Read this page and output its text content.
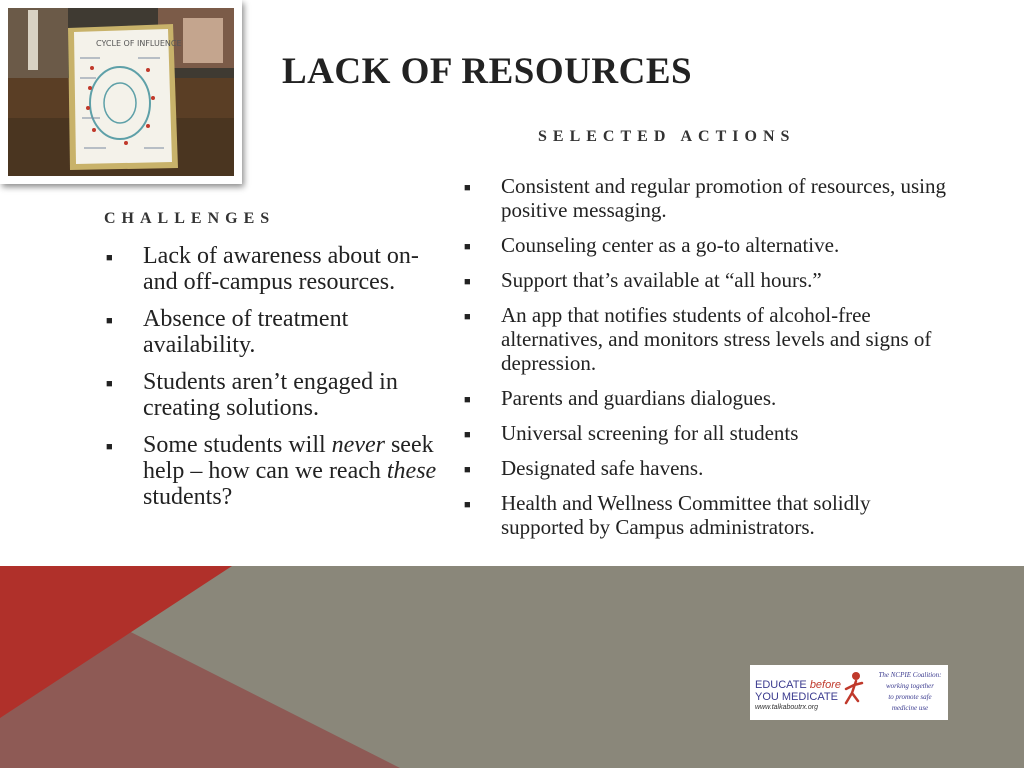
CYCLE OF INFLUENCE
LACK OF RESOURCES
SELECTED ACTIONS
CHALLENGES
■ Lack of awareness about on- and off-campus resources.
■ Absence of treatment availability.
■ Students aren’t engaged in creating solutions.
■ Some students will never seek help – how can we reach these students?
■ Consistent and regular promotion of resources, using positive messaging.
■ Counseling center as a go-to alternative.
■ Support that’s available at “all hours.”
■ An app that notifies students of alcohol-free alternatives, and monitors stress levels and signs of depression.
■ Parents and guardians dialogues.
■ Universal screening for all students
■ Designated safe havens.
■ Health and Wellness Committee that solidly supported by Campus administrators.
EDUCATE before
YOU MEDICATE
www.talkaboutrx.org
The NCPIE Coalition:
working together
to promote safe
medicine use
